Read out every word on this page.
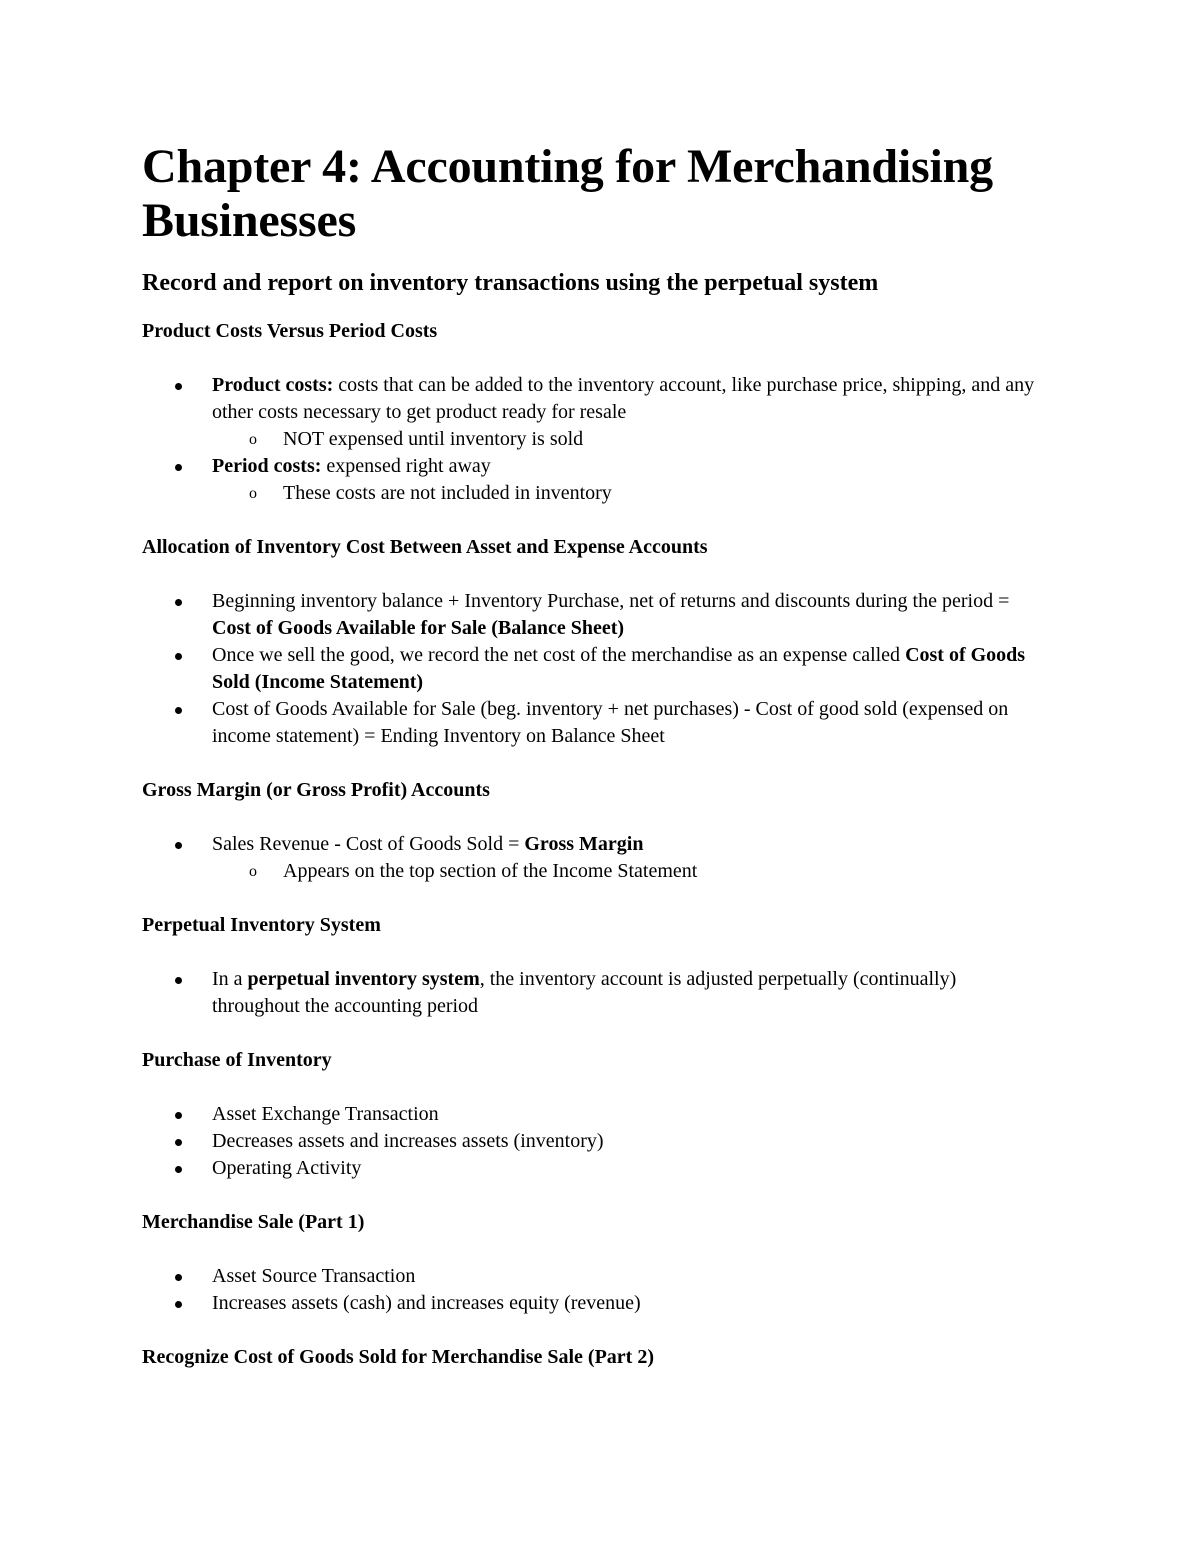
Chapter 4: Accounting for Merchandising Businesses
Record and report on inventory transactions using the perpetual system
Product Costs Versus Period Costs
Product costs: costs that can be added to the inventory account, like purchase price, shipping, and any other costs necessary to get product ready for resale
o NOT expensed until inventory is sold
Period costs: expensed right away
o These costs are not included in inventory
Allocation of Inventory Cost Between Asset and Expense Accounts
Beginning inventory balance + Inventory Purchase, net of returns and discounts during the period = Cost of Goods Available for Sale (Balance Sheet)
Once we sell the good, we record the net cost of the merchandise as an expense called Cost of Goods Sold (Income Statement)
Cost of Goods Available for Sale (beg. inventory + net purchases) - Cost of good sold (expensed on income statement) = Ending Inventory on Balance Sheet
Gross Margin (or Gross Profit) Accounts
Sales Revenue - Cost of Goods Sold = Gross Margin
o Appears on the top section of the Income Statement
Perpetual Inventory System
In a perpetual inventory system, the inventory account is adjusted perpetually (continually) throughout the accounting period
Purchase of Inventory
Asset Exchange Transaction
Decreases assets and increases assets (inventory)
Operating Activity
Merchandise Sale (Part 1)
Asset Source Transaction
Increases assets (cash) and increases equity (revenue)
Recognize Cost of Goods Sold for Merchandise Sale (Part 2)
